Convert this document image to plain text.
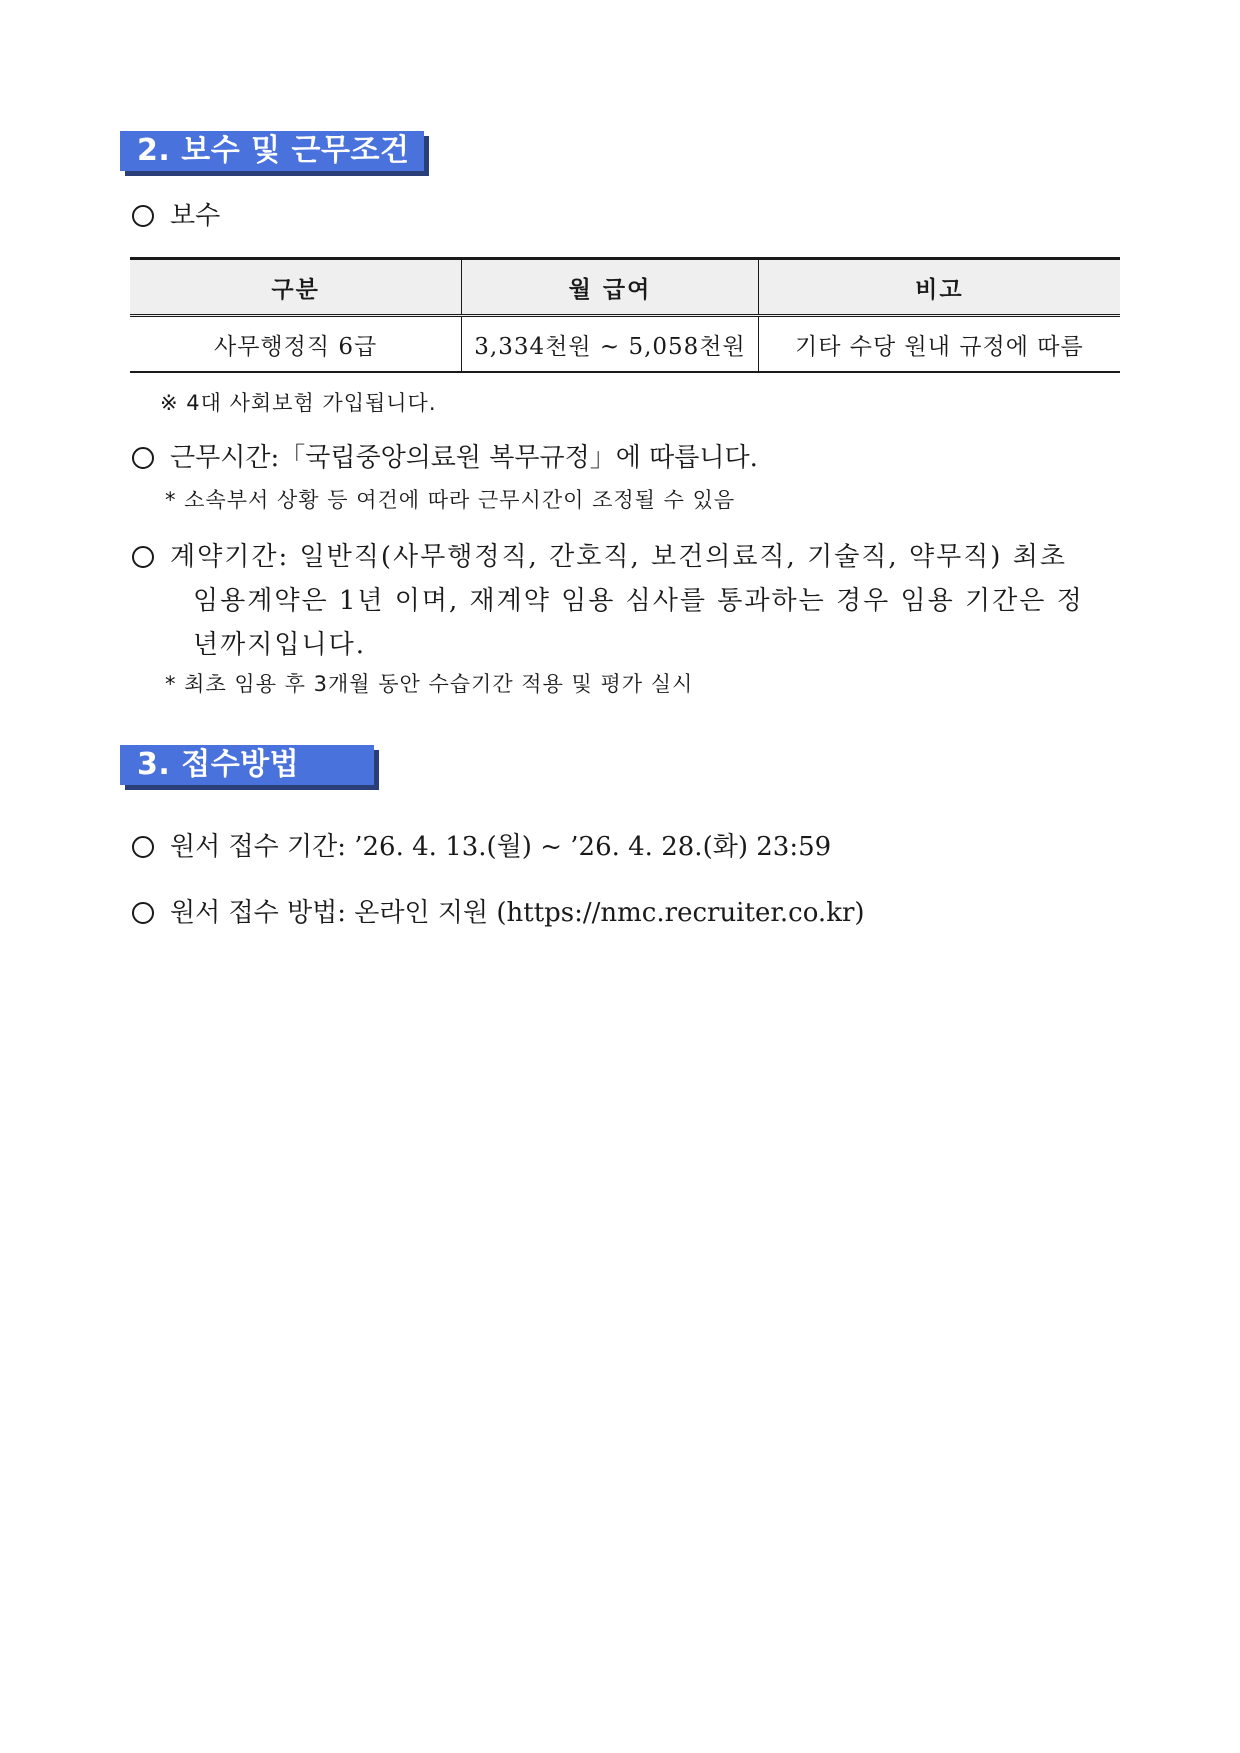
2. 보수 및 근무조건
보수
구분	월 급여	비고
사무행정직 6급	3,334천원 ~ 5,058천원	기타 수당 원내 규정에 따름
※ 4대 사회보험 가입됩니다.
근무시간:「국립중앙의료원 복무규정」에 따릅니다.
* 소속부서 상황 등 여건에 따라 근무시간이 조정될 수 있음
계약기간: 일반직(사무행정직, 간호직, 보건의료직, 기술직, 약무직) 최초
임용계약은 1년 이며, 재계약 임용 심사를 통과하는 경우 임용 기간은 정
년까지입니다.
* 최초 임용 후 3개월 동안 수습기간 적용 및 평가 실시
3. 접수방법
원서 접수 기간: ’26. 4. 13.(월) ~ ’26. 4. 28.(화) 23:59
원서 접수 방법: 온라인 지원 (https://nmc.recruiter.co.kr)
